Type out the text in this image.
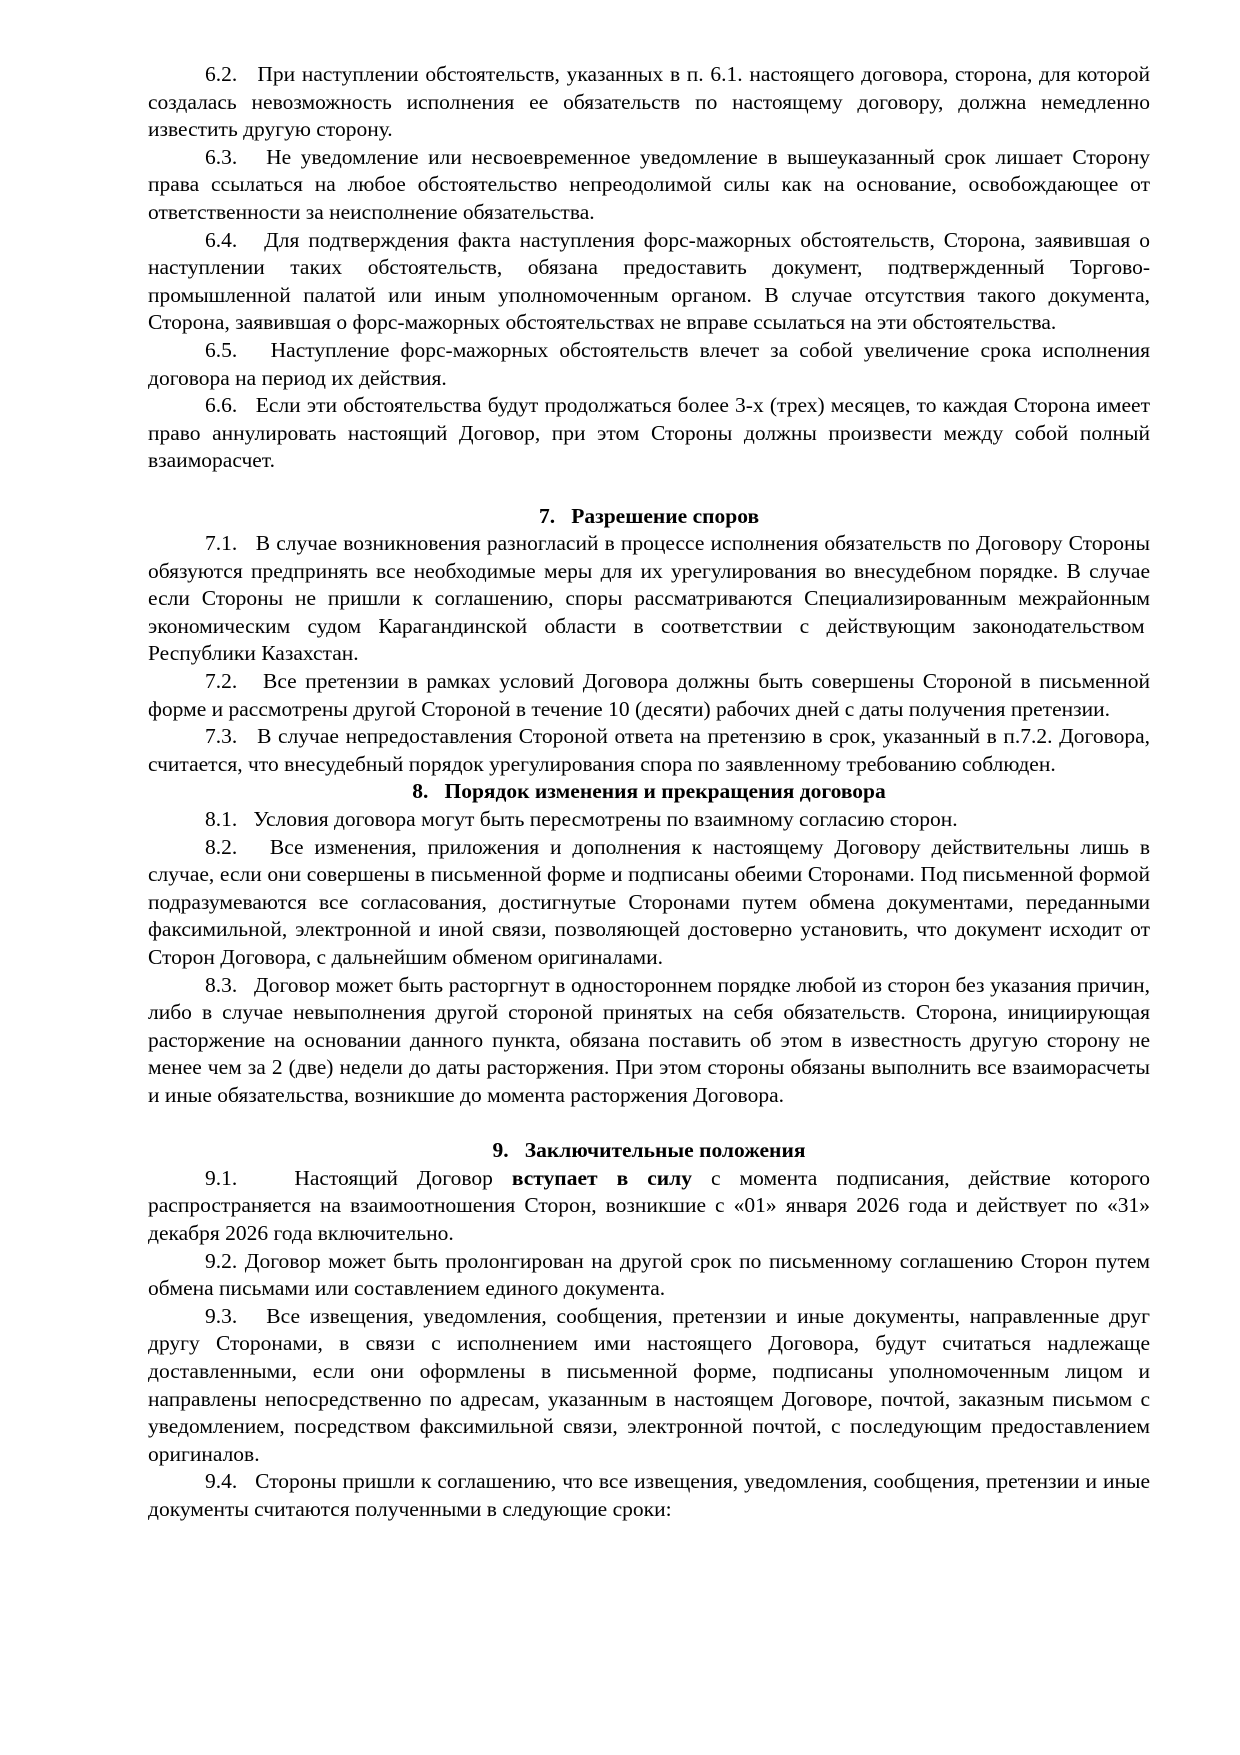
6.2.   При наступлении обстоятельств, указанных в п. 6.1. настоящего договора, сторона, для которой создалась невозможность исполнения ее обязательств по настоящему договору, должна немедленно известить другую сторону.

6.3.   Не уведомление или несвоевременное уведомление в вышеуказанный срок лишает Сторону права ссылаться на любое обстоятельство непреодолимой силы как на основание, освобождающее от ответственности за неисполнение обязательства.

6.4.   Для подтверждения факта наступления форс-мажорных обстоятельств, Сторона, заявившая о наступлении таких обстоятельств, обязана предоставить документ, подтвержденный Торгово-промышленной палатой или иным уполномоченным органом. В случае отсутствия такого документа, Сторона, заявившая о форс-мажорных обстоятельствах не вправе ссылаться на эти обстоятельства.

6.5.   Наступление форс-мажорных обстоятельств влечет за собой увеличение срока исполнения договора на период их действия.

6.6.   Если эти обстоятельства будут продолжаться более 3-х (трех) месяцев, то каждая Сторона имеет право аннулировать настоящий Договор, при этом Стороны должны произвести между собой полный взаиморасчет.

7.   Разрешение споров

7.1.   В случае возникновения разногласий в процессе исполнения обязательств по Договору Стороны обязуются предпринять все необходимые меры для их урегулирования во внесудебном порядке. В случае если Стороны не пришли к соглашению, споры рассматриваются Специализированным межрайонным экономическим судом Карагандинской области в соответствии с действующим законодательством  Республики Казахстан.

7.2.   Все претензии в рамках условий Договора должны быть совершены Стороной в письменной форме и рассмотрены другой Стороной в течение 10 (десяти) рабочих дней с даты получения претензии.

7.3.   В случае непредоставления Стороной ответа на претензию в срок, указанный в п.7.2. Договора, считается, что внесудебный порядок урегулирования спора по заявленному требованию соблюден.

8.   Порядок изменения и прекращения договора

8.1.   Условия договора могут быть пересмотрены по взаимному согласию сторон.

8.2.   Все изменения, приложения и дополнения к настоящему Договору действительны лишь в случае, если они совершены в письменной форме и подписаны обеими Сторонами. Под письменной формой подразумеваются все согласования, достигнутые Сторонами путем обмена документами, переданными факсимильной, электронной и иной связи, позволяющей достоверно установить, что документ исходит от Сторон Договора, с дальнейшим обменом оригиналами.

8.3.   Договор может быть расторгнут в одностороннем порядке любой из сторон без указания причин, либо в случае невыполнения другой стороной принятых на себя обязательств. Сторона, инициирующая расторжение на основании данного пункта, обязана поставить об этом в известность другую сторону не менее чем за 2 (две) недели до даты расторжения. При этом стороны обязаны выполнить все взаиморасчеты и иные обязательства, возникшие до момента расторжения Договора.

9.   Заключительные положения

9.1.   Настоящий Договор вступает в силу с момента подписания, действие которого распространяется на взаимоотношения Сторон, возникшие с «01» января 2026 года и действует по «31» декабря 2026 года включительно.

9.2. Договор может быть пролонгирован на другой срок по письменному соглашению Сторон путем обмена письмами или составлением единого документа.

9.3.   Все извещения, уведомления, сообщения, претензии и иные документы, направленные друг другу Сторонами, в связи с исполнением ими настоящего Договора, будут считаться надлежаще доставленными, если они оформлены в письменной форме, подписаны уполномоченным лицом и направлены непосредственно по адресам, указанным в настоящем Договоре, почтой, заказным письмом с уведомлением, посредством факсимильной связи, электронной почтой, с последующим предоставлением оригиналов.

9.4.   Стороны пришли к соглашению, что все извещения, уведомления, сообщения, претензии и иные документы считаются полученными в следующие сроки:
